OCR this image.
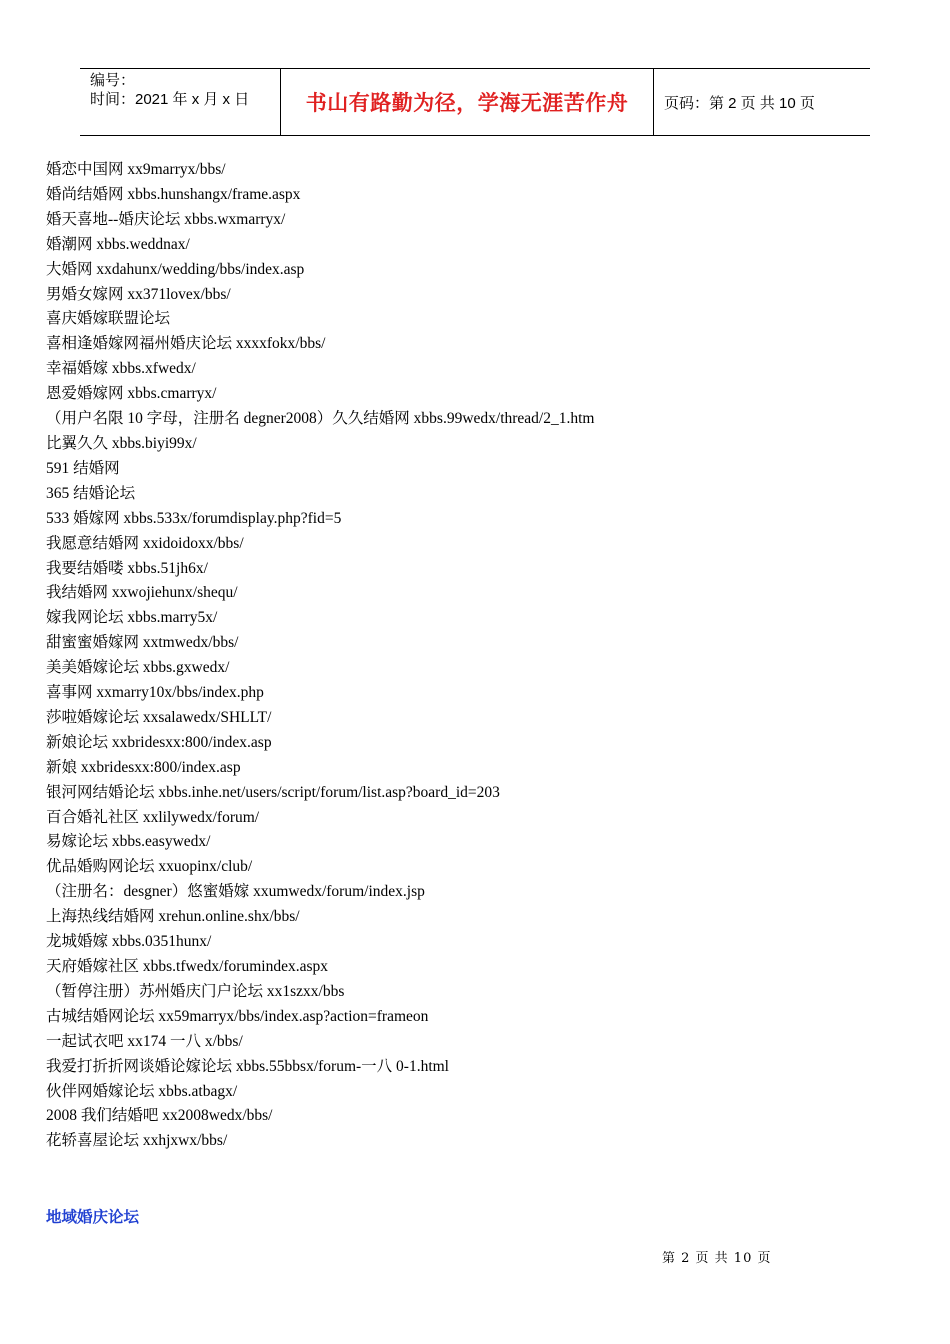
编号：
时间：2021 年 x 月 x 日	书山有路勤为径，学海无涯苦作舟	页码：第 2 页 共 10 页
婚恋中国网 xx9marryx/bbs/
婚尚结婚网 xbbs.hunshangx/frame.aspx
婚天喜地--婚庆论坛 xbbs.wxmarryx/
婚潮网 xbbs.weddnax/
大婚网 xxdahunx/wedding/bbs/index.asp
男婚女嫁网 xx371lovex/bbs/
喜庆婚嫁联盟论坛
喜相逢婚嫁网福州婚庆论坛 xxxxfokx/bbs/
幸福婚嫁 xbbs.xfwedx/
恩爱婚嫁网 xbbs.cmarryx/
（用户名限 10 字母，注册名 degner2008）久久结婚网 xbbs.99wedx/thread/2_1.htm
比翼久久 xbbs.biyi99x/
591 结婚网
365 结婚论坛
533 婚嫁网 xbbs.533x/forumdisplay.php?fid=5
我愿意结婚网 xxidoidoxx/bbs/
我要结婚喽 xbbs.51jh6x/
我结婚网 xxwojiehunx/shequ/
嫁我网论坛 xbbs.marry5x/
甜蜜蜜婚嫁网 xxtmwedx/bbs/
美美婚嫁论坛 xbbs.gxwedx/
喜事网 xxmarry10x/bbs/index.php
莎啦婚嫁论坛 xxsalawedx/SHLLT/
新娘论坛 xxbridesxx:800/index.asp
新娘 xxbridesxx:800/index.asp
银河网结婚论坛 xbbs.inhe.net/users/script/forum/list.asp?board_id=203
百合婚礼社区 xxlilywedx/forum/
易嫁论坛 xbbs.easywedx/
优品婚购网论坛 xxuopinx/club/
（注册名：desgner）悠蜜婚嫁 xxumwedx/forum/index.jsp
上海热线结婚网 xrehun.online.shx/bbs/
龙城婚嫁 xbbs.0351hunx/
天府婚嫁社区 xbbs.tfwedx/forumindex.aspx
（暂停注册）苏州婚庆门户论坛 xx1szxx/bbs
古城结婚网论坛 xx59marryx/bbs/index.asp?action=frameon
一起试衣吧 xx174 一八 x/bbs/
我爱打折折网谈婚论嫁论坛 xbbs.55bbsx/forum-一八 0-1.html
伙伴网婚嫁论坛 xbbs.atbagx/
2008 我们结婚吧 xx2008wedx/bbs/
花轿喜屋论坛 xxhjxwx/bbs/
地域婚庆论坛
第 2 页 共 10 页
